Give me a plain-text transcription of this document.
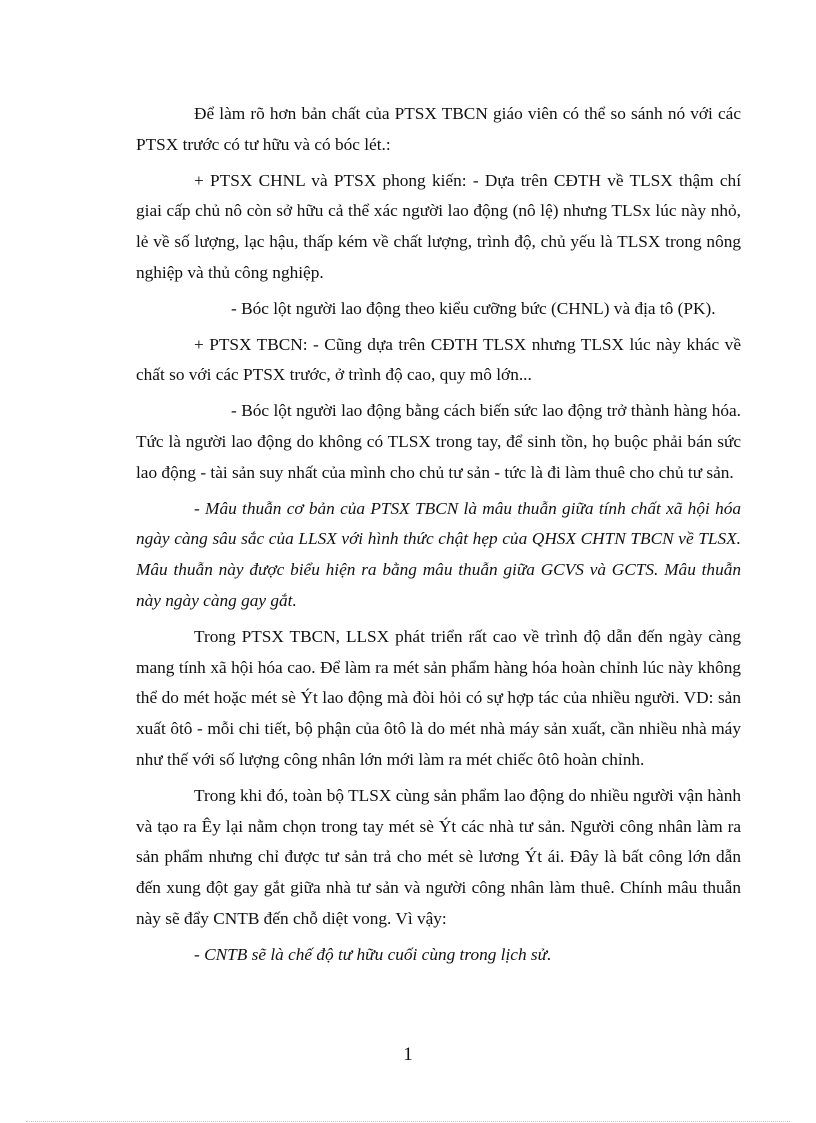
Để làm rõ hơn bản chất của PTSX TBCN giáo viên có thể so sánh nó với các PTSX trước có tư hữu và có bóc lét.:

+ PTSX CHNL và PTSX phong kiến: - Dựa trên CĐTH về TLSX thậm chí giai cấp chủ nô còn sở hữu cả thể xác người lao động (nô lệ) nhưng TLSx lúc này nhỏ, lẻ về số lượng, lạc hậu, thấp kém về chất lượng, trình độ, chủ yếu là TLSX trong nông nghiệp và thủ công nghiệp.

- Bóc lột người lao động theo kiểu cưỡng bức (CHNL) và địa tô (PK).

+ PTSX TBCN: - Cũng dựa trên CĐTH TLSX nhưng TLSX lúc này khác về chất so với các PTSX trước, ở trình độ cao, quy mô lớn...

- Bóc lột người lao động bằng cách biến sức lao động trở thành hàng hóa. Tức là người lao động do không có TLSX trong tay, để sinh tồn, họ buộc phải bán sức lao động - tài sản suy nhất của mình cho chủ tư sản - tức là đi làm thuê cho chủ tư sản.

- Mâu thuẫn cơ bản của PTSX TBCN là mâu thuẫn giữa tính chất xã hội hóa ngày càng sâu sắc của LLSX với hình thức chật hẹp của QHSX CHTN TBCN về TLSX. Mâu thuẫn này được biểu hiện ra bằng mâu thuẫn giữa GCVS và GCTS. Mâu thuẫn này ngày càng gay gắt.

Trong PTSX TBCN, LLSX phát triển rất cao về trình độ dẫn đến ngày càng mang tính xã hội hóa cao. Để làm ra mét sản phẩm hàng hóa hoàn chỉnh lúc này không thể do mét hoặc mét sè Ýt lao động mà đòi hỏi có sự hợp tác của nhiều người. VD: sản xuất ôtô - mỗi chi tiết, bộ phận của ôtô là do mét nhà máy sản xuất, cần nhiều nhà máy như thế với số lượng công nhân lớn mới làm ra mét chiếc ôtô hoàn chỉnh.

Trong khi đó, toàn bộ TLSX cùng sản phẩm lao động do nhiều người vận hành và tạo ra Êy lại nằm chọn trong tay mét sè Ýt các nhà tư sản. Người công nhân làm ra sản phẩm nhưng chỉ được tư sản trả cho mét sè lương Ýt ái. Đây là bất công lớn dẫn đến xung đột gay gắt giữa nhà tư sản và người công nhân làm thuê. Chính mâu thuẫn này sẽ đẩy CNTB đến chỗ diệt vong. Vì vậy:

- CNTB sẽ là chế độ tư hữu cuối cùng trong lịch sử.

1
